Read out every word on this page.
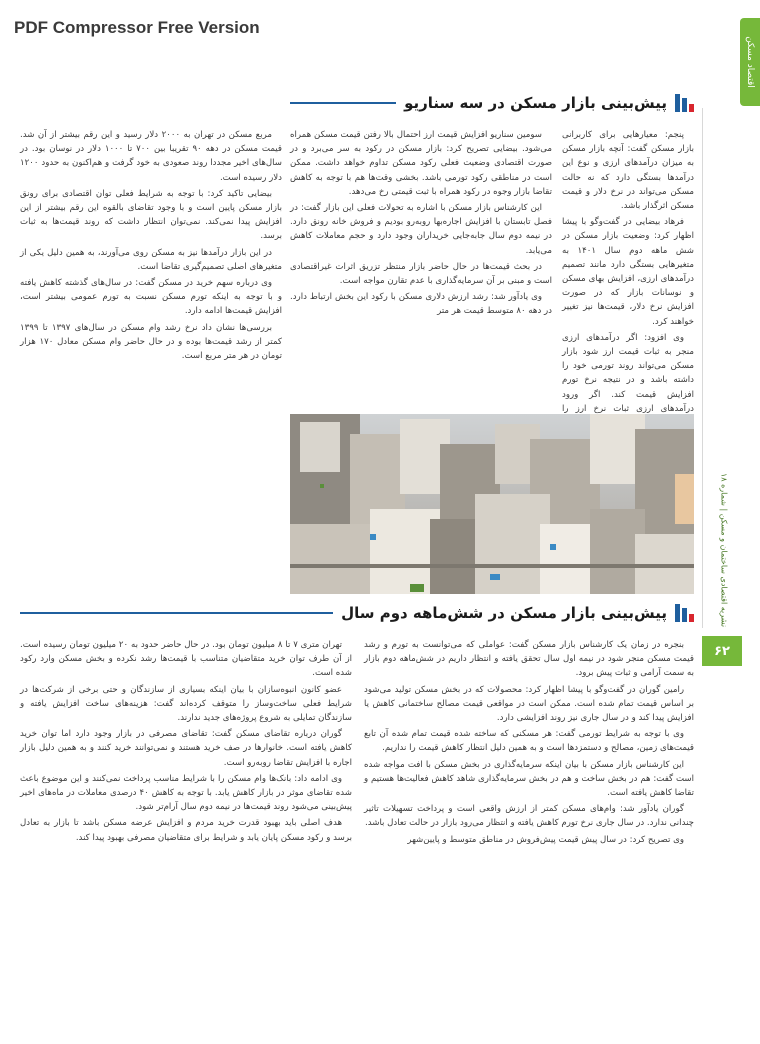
PDF Compressor Free Version
اقتصاد مسکن
نشریه اقتصادی ساختمان و مسکن | شماره ۱۸
۶۲
پیش‌بینی بازار مسکن در سه سناریو

پنجم: معیارهایی برای کاربرانی بازار مسکن گفت: آنچه بازار مسکن به میزان درآمدهای ارزی و نوع این درآمدها بستگی دارد که نه حالت مسکن می‌تواند در نرخ دلار و قیمت مسکن اثرگذار باشد.

فرهاد بیضایی در گفت‌وگو با پیشا اظهار کرد: وضعیت بازار مسکن در شش ماهه دوم سال ۱۴۰۱ به متغیرهایی بستگی دارد مانند تصمیم درآمدهای ارزی، افزایش بهای مسکن و نوسانات بازار که در صورت افزایش نرخ دلار، قیمت‌ها نیز تغییر خواهند کرد.

وی افزود: اگر درآمدهای ارزی منجر به ثبات قیمت ارز شود بازار مسکن می‌تواند روند تورمی خود را داشته باشد و در نتیجه نرخ تورم افزایش قیمت کند. اگر ورود درآمدهای ارزی ثبات نرخ ارز را

سومین سناریو افزایش قیمت ارز احتمال بالا رفتن قیمت مسکن همراه می‌شود. بیضایی تصریح کرد: بازار مسکن در رکود به سر می‌برد و در صورت اقتصادی وضعیت فعلی رکود مسکن تداوم خواهد داشت. ممکن است در مناطقی رکود تورمی باشد. بخشی وقت‌ها هم با توجه به کاهش تقاضا بازار وجوه در رکود همراه با ثبت قیمتی رخ می‌دهد.

این کارشناس بازار مسکن با اشاره به تحولات فعلی این بازار گفت: در فصل تابستان با افزایش اجاره‌بها روبه‌رو بودیم و فروش خانه رونق دارد. در نیمه دوم سال جابه‌جایی خریداران وجود دارد و حجم معاملات کاهش می‌یابد.

در بحث قیمت‌ها در حال حاضر بازار منتظر تزریق اثرات غیراقتصادی است و مبنی بر آن سرمایه‌گذاری با عدم تقارن مواجه است.

وی یادآور شد: رشد ارزش دلاری مسکن با رکود این بخش ارتباط دارد. در دهه ۸۰ متوسط قیمت هر متر

مربع مسکن در تهران به ۲۰۰۰ دلار رسید و این رقم بیشتر از آن شد. قیمت مسکن در دهه ۹۰ تقریبا بین ۷۰۰ تا ۱۰۰۰ دلار در نوسان بود. در سال‌های اخیر مجددا روند صعودی به خود گرفت و هم‌اکنون به حدود ۱۲۰۰ دلار رسیده است.

بیضایی تاکید کرد: با توجه به شرایط فعلی توان اقتصادی برای رونق بازار مسکن پایین است و با وجود تقاضای بالقوه این رقم بیشتر از این افزایش پیدا نمی‌کند. نمی‌توان انتظار داشت که روند قیمت‌ها به ثبات برسد.

در این بازار درآمدها نیز به مسکن روی می‌آورند، به همین دلیل یکی از متغیرهای اصلی تصمیم‌گیری تقاضا است.

وی درباره سهم خرید در مسکن گفت: در سال‌های گذشته کاهش یافته و با توجه به اینکه تورم مسکن نسبت به تورم عمومی بیشتر است، افزایش قیمت‌ها ادامه دارد.

بررسی‌ها نشان داد نرخ رشد وام مسکن در سال‌های ۱۳۹۷ تا ۱۳۹۹ کمتر از رشد قیمت‌ها بوده و در حال حاضر وام مسکن معادل ۱۷۰ هزار تومان در هر متر مربع است.

پیش‌بینی بازار مسکن در شش‌ماهه دوم سال

بنجره در زمان یک کارشناس بازار مسکن گفت: عواملی که می‌توانست به تورم و رشد قیمت مسکن منجر شود در نیمه اول سال تحقق یافته و انتظار داریم در شش‌ماهه دوم بازار به سمت آرامی و ثبات پیش برود.

رامین گوران در گفت‌وگو با پیشا اظهار کرد: محصولات که در بخش مسکن تولید می‌شود بر اساس قیمت تمام شده است. ممکن است در مواقعی قیمت مصالح ساختمانی کاهش یا افزایش پیدا کند و در سال جاری نیز روند افزایشی دارد.

وی با توجه به شرایط تورمی گفت: هر مسکنی که ساخته شده قیمت تمام شده آن تابع قیمت‌های زمین، مصالح و دستمزدها است و به همین دلیل انتظار کاهش قیمت را نداریم.

این کارشناس بازار مسکن با بیان اینکه سرمایه‌گذاری در بخش مسکن با افت مواجه شده است گفت: هم در بخش ساخت و هم در بخش سرمایه‌گذاری شاهد کاهش فعالیت‌ها هستیم و تقاضا کاهش یافته است.

گوران یادآور شد: وام‌های مسکن کمتر از ارزش واقعی است و پرداخت تسهیلات تاثیر چندانی ندارد. در سال جاری نرخ تورم کاهش یافته و انتظار می‌رود بازار در حالت تعادل باشد.

وی تصریح کرد: در سال پیش قیمت پیش‌فروش در مناطق متوسط و پایین‌شهر

تهران متری ۷ تا ۸ میلیون تومان بود. در حال حاضر حدود به ۲۰ میلیون تومان رسیده است. از آن طرف توان خرید متقاضیان متناسب با قیمت‌ها رشد نکرده و بخش مسکن وارد رکود شده است.

عضو کانون انبوه‌سازان با بیان اینکه بسیاری از سازندگان و حتی برخی از شرکت‌ها در شرایط فعلی ساخت‌وساز را متوقف کرده‌اند گفت: هزینه‌های ساخت افزایش یافته و سازندگان تمایلی به شروع پروژه‌های جدید ندارند.

گوران درباره تقاضای مسکن گفت: تقاضای مصرفی در بازار وجود دارد اما توان خرید کاهش یافته است. خانوارها در صف خرید هستند و نمی‌توانند خرید کنند و به همین دلیل بازار اجاره با افزایش تقاضا روبه‌رو است.

وی ادامه داد: بانک‌ها وام مسکن را با شرایط مناسب پرداخت نمی‌کنند و این موضوع باعث شده تقاضای موثر در بازار کاهش یابد. با توجه به کاهش ۴۰ درصدی معاملات در ماه‌های اخیر پیش‌بینی می‌شود روند قیمت‌ها در نیمه دوم سال آرام‌تر شود.

هدف اصلی باید بهبود قدرت خرید مردم و افزایش عرضه مسکن باشد تا بازار به تعادل برسد و رکود مسکن پایان یابد و شرایط برای متقاضیان مصرفی بهبود پیدا کند.
